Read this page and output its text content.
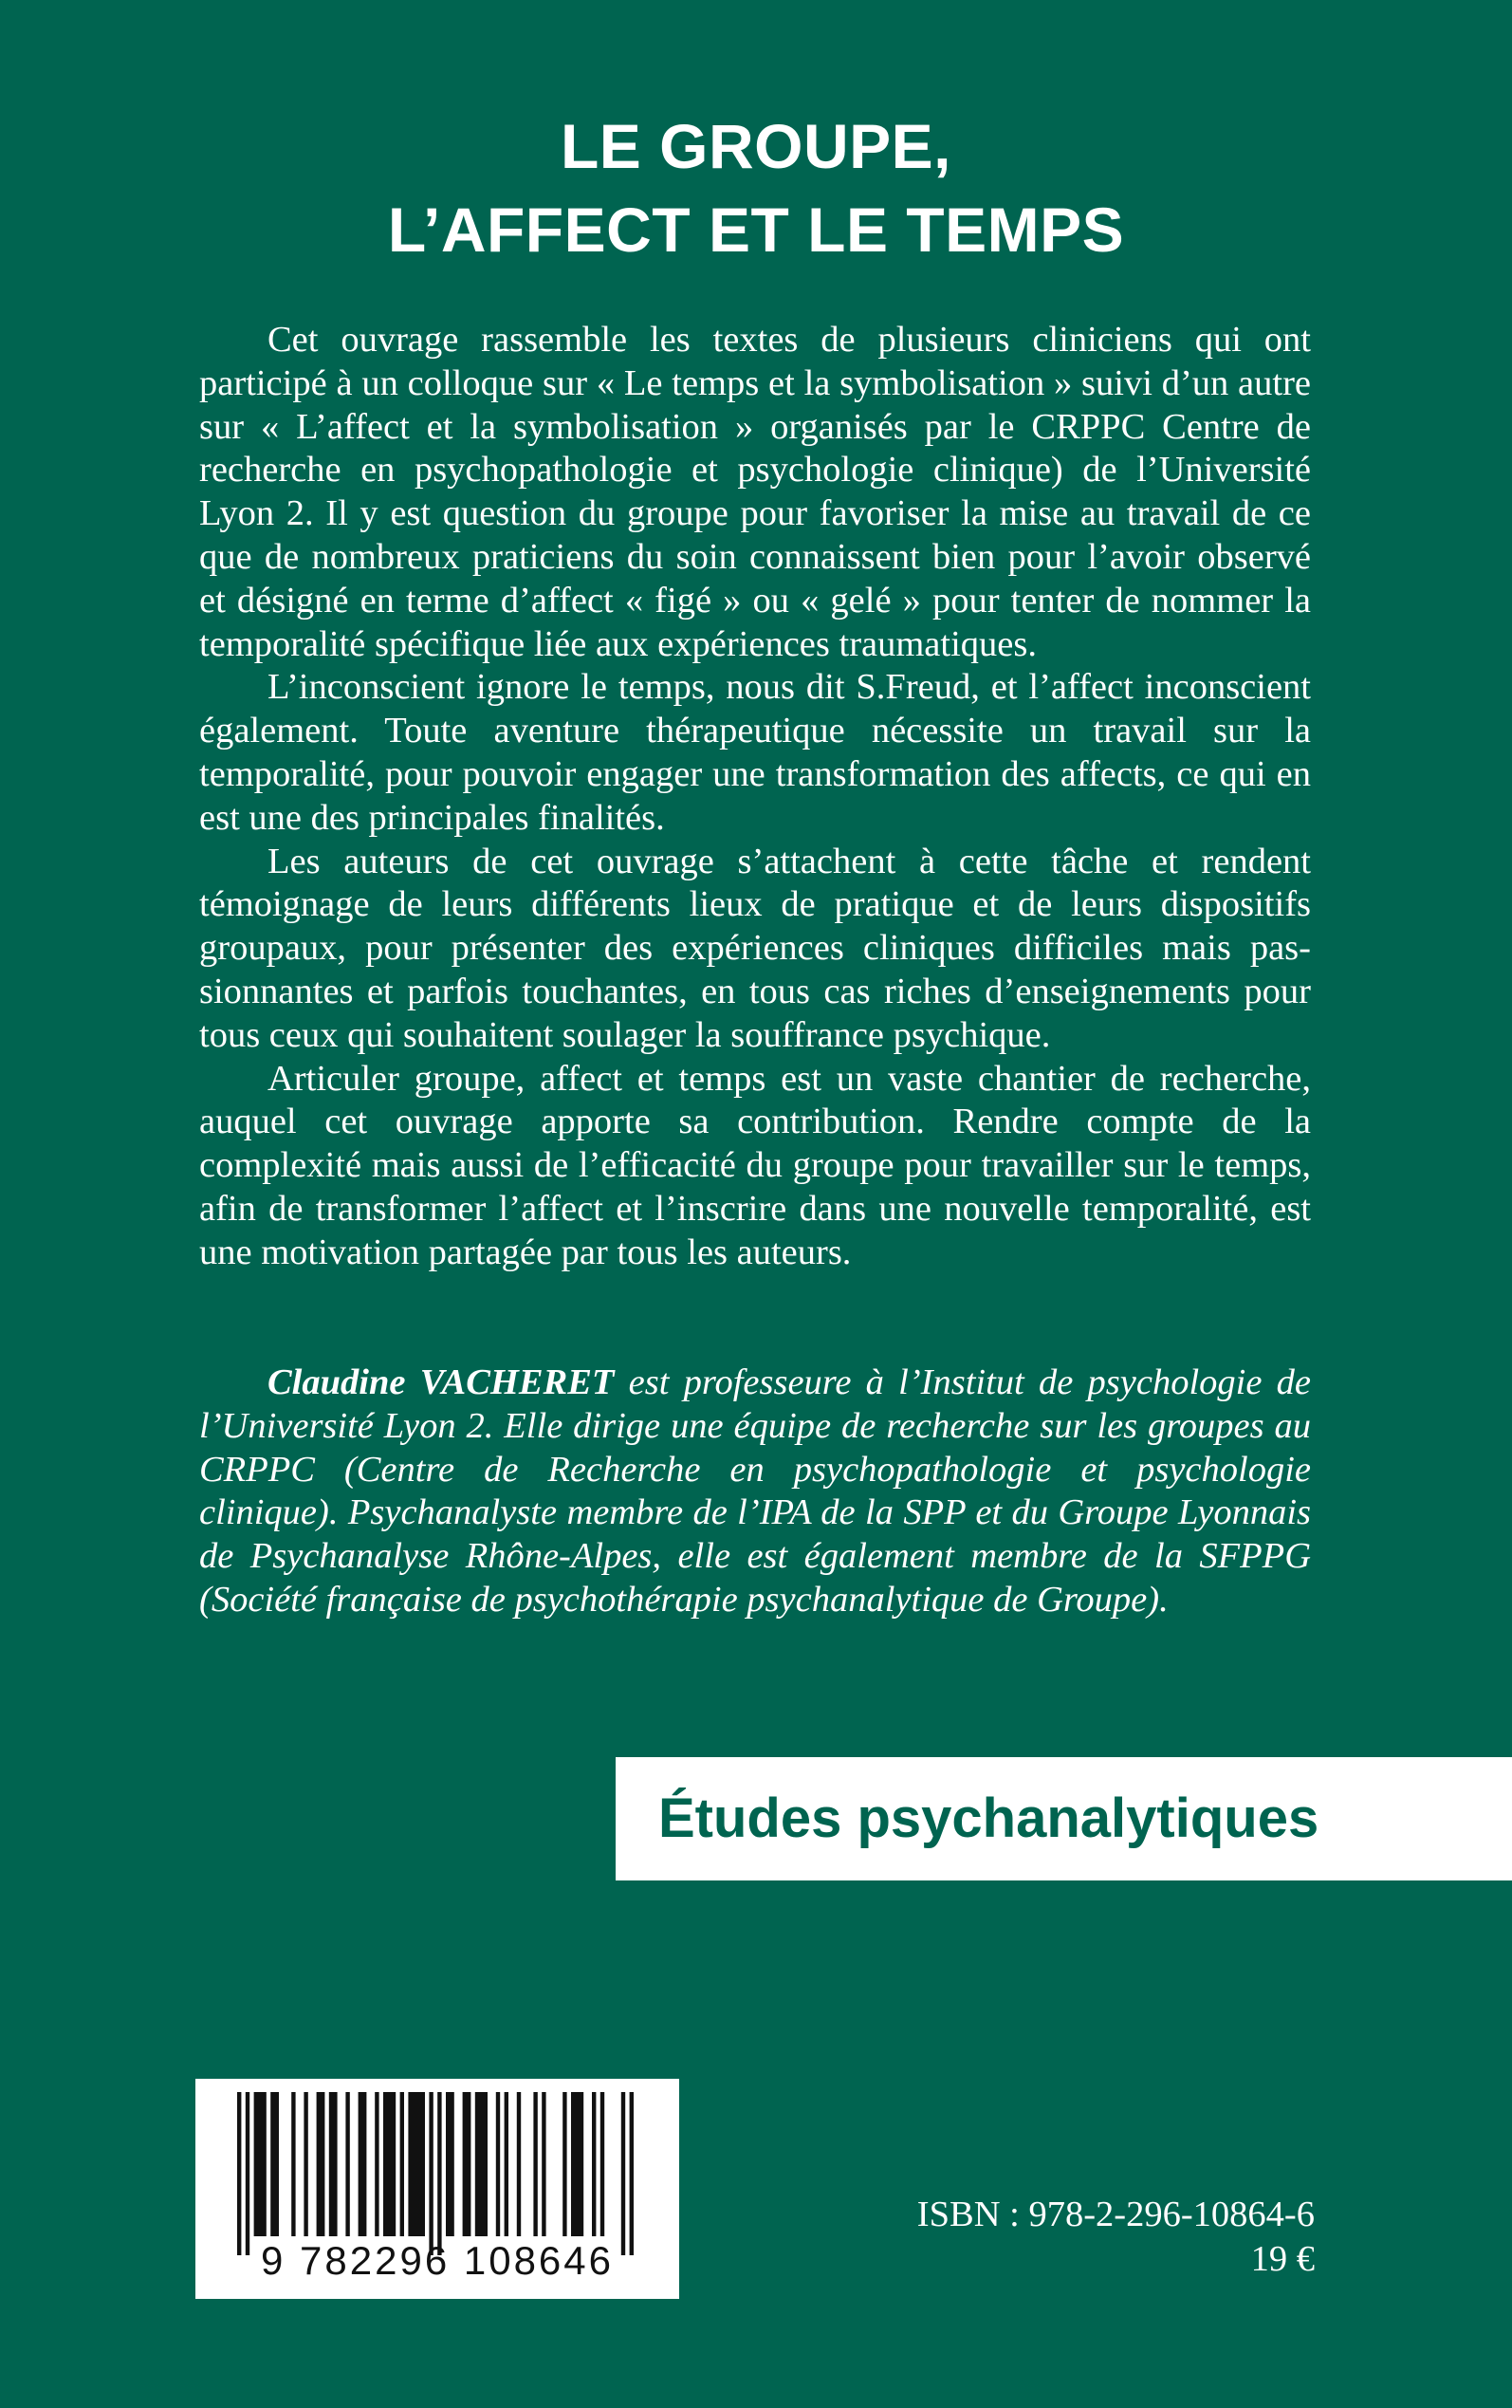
LE GROUPE,
L’AFFECT ET LE TEMPS

Cet ouvrage rassemble les textes de plusieurs cliniciens qui ont participé à un colloque sur « Le temps et la symbolisation » suivi d’un autre sur « L’affect et la symbolisation » organisés par le CRPPC Centre de recherche en psychopathologie et psychologie clinique) de l’Université Lyon 2. Il y est question du groupe pour favoriser la mise au travail de ce que de nombreux praticiens du soin connaissent bien pour l’avoir observé et désigné en terme d’affect « figé » ou « gelé » pour tenter de nommer la temporalité spécifique liée aux expériences traumatiques.

L’inconscient ignore le temps, nous dit S.Freud, et l’affect inconscient également. Toute aventure thérapeutique nécessite un travail sur la temporalité, pour pouvoir engager une transformation des affects, ce qui en est une des principales finalités.

Les auteurs de cet ouvrage s’attachent à cette tâche et rendent témoignage de leurs différents lieux de pratique et de leurs dispositifs groupaux, pour présenter des expériences cliniques difficiles mais passionnantes et parfois touchantes, en tous cas riches d’enseignements pour tous ceux qui souhaitent soulager la souffrance psychique.

Articuler groupe, affect et temps est un vaste chantier de recherche, auquel cet ouvrage apporte sa contribution. Rendre compte de la complexité mais aussi de l’efficacité du groupe pour travailler sur le temps, afin de transformer l’affect et l’inscrire dans une nouvelle temporalité, est une motivation partagée par tous les auteurs.

Claudine VACHERET est professeure à l’Institut de psychologie de l’Université Lyon 2. Elle dirige une équipe de recherche sur les groupes au CRPPC (Centre de Recherche en psychopathologie et psychologie clinique). Psychanalyste membre de l’IPA de la SPP et du Groupe Lyonnais de Psychanalyse Rhône-Alpes, elle est également membre de la SFPPG (Société française de psychothérapie psychanalytique de Groupe).

Études psychanalytiques
9 782296 108646
ISBN : 978-2-296-10864-6
19 €
